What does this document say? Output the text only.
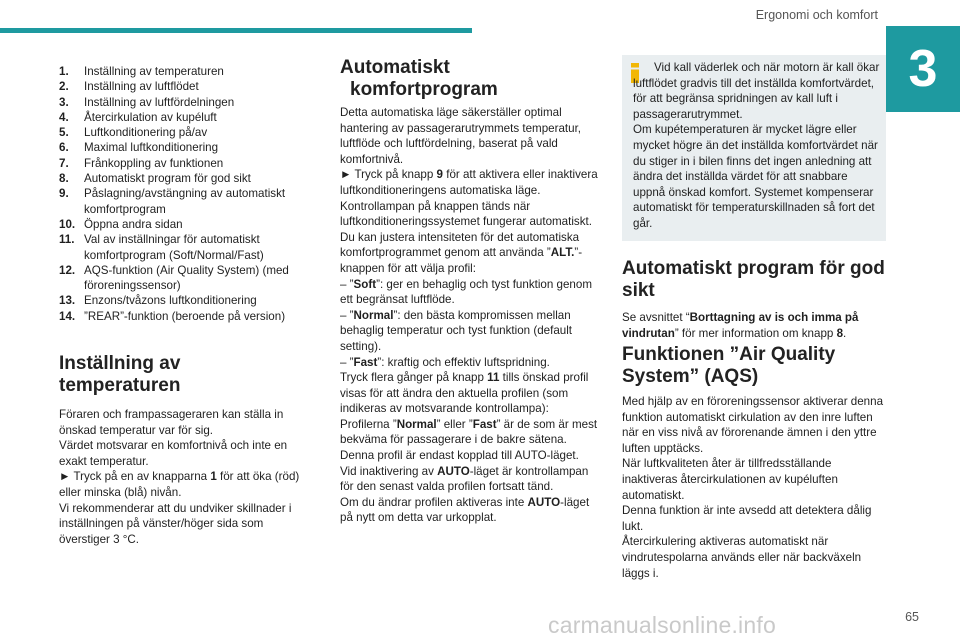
Ergonomi och komfort
3
1. Inställning av temperaturen
2. Inställning av luftflödet
3. Inställning av luftfördelningen
4. Återcirkulation av kupéluft
5. Luftkonditionering på/av
6. Maximal luftkonditionering
7. Frånkoppling av funktionen
8. Automatiskt program för god sikt
9. Påslagning/avstängning av automatiskt komfortprogram
10. Öppna andra sidan
11. Val av inställningar för automatiskt komfortprogram (Soft/Normal/Fast)
12. AQS-funktion (Air Quality System) (med föroreningssensor)
13. Enzons/tvåzons luftkonditionering
14. ”REAR”-funktion (beroende på version)
Inställning av temperaturen

Föraren och frampassageraren kan ställa in önskad temperatur var för sig.

Värdet motsvarar en komfortnivå och inte en exakt temperatur.

► Tryck på en av knapparna 1 för att öka (röd) eller minska (blå) nivån.

Vi rekommenderar att du undviker skillnader i inställningen på vänster/höger sida som överstiger 3 °C.

Automatiskt
komfortprogram

Detta automatiska läge säkerställer optimal hantering av passagerarutrymmets temperatur, luftflöde och luftfördelning, baserat på vald komfortnivå.

► Tryck på knapp 9 för att aktivera eller inaktivera luftkonditioneringens automatiska läge.

Kontrollampan på knappen tänds när luftkonditioneringssystemet fungerar automatiskt.

Du kan justera intensiteten för det automatiska komfortprogrammet genom att använda ”ALT.”-knappen för att välja profil:

– ”Soft”: ger en behaglig och tyst funktion genom ett begränsat luftflöde.

– ”Normal”: den bästa kompromissen mellan behaglig temperatur och tyst funktion (default setting).

– ”Fast”: kraftig och effektiv luftspridning.

Tryck flera gånger på knapp 11 tills önskad profil visas för att ändra den aktuella profilen (som indikeras av motsvarande kontrollampa):

Profilerna ”Normal” eller ”Fast” är de som är mest bekväma för passagerare i de bakre sätena.

Denna profil är endast kopplad till AUTO-läget.

Vid inaktivering av AUTO-läget är kontrollampan för den senast valda profilen fortsatt tänd.

Om du ändrar profilen aktiveras inte AUTO-läget på nytt om detta var urkopplat.

Vid kall väderlek och när motorn är kall ökar luftflödet gradvis till det inställda komfortvärdet, för att begränsa spridningen av kall luft i passagerarutrymmet.

Om kupétemperaturen är mycket lägre eller mycket högre än det inställda komfortvärdet när du stiger in i bilen finns det ingen anledning att ändra det inställda värdet för att snabbare uppnå önskad komfort. Systemet kompenserar automatiskt för temperaturskillnaden så fort det går.

Automatiskt program för god sikt

Se avsnittet “Borttagning av is och imma på vindrutan” för mer information om knapp 8.

Funktionen ”Air Quality System” (AQS)

Med hjälp av en föroreningssensor aktiverar denna funktion automatiskt cirkulation av den inre luften när en viss nivå av förorenande ämnen i den yttre luften upptäcks.

När luftkvaliteten åter är tillfredsställande inaktiveras återcirkulationen av kupéluften automatiskt.

Denna funktion är inte avsedd att detektera dålig lukt.

Återcirkulering aktiveras automatiskt när vindrutespolarna används eller när backväxeln läggs i.

carmanualsonline.info	65
